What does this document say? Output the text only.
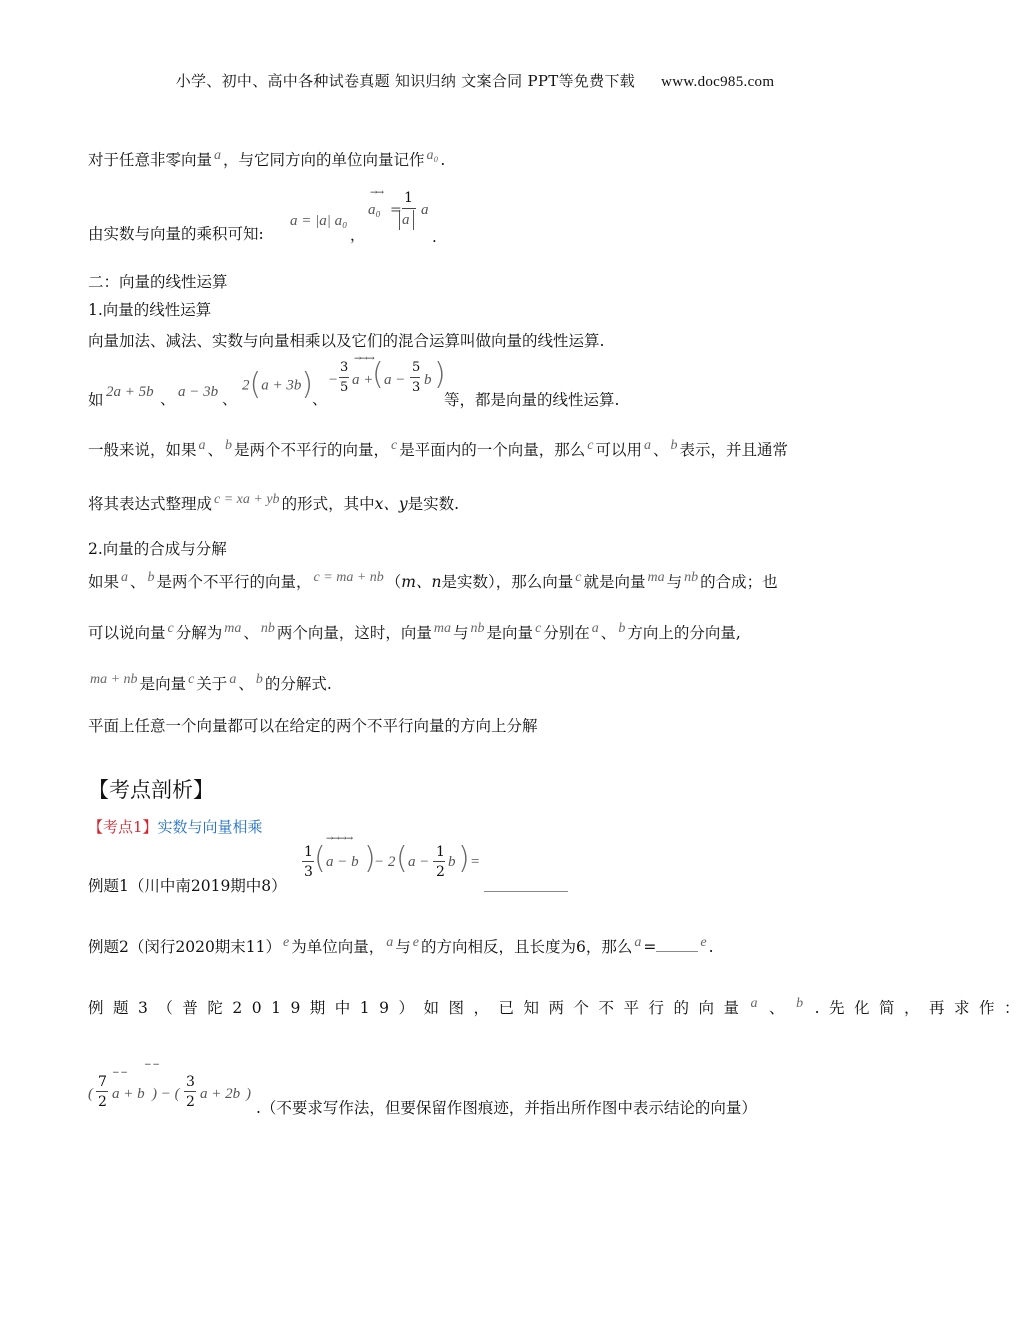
小学、初中、高中各种试卷真题 知识归纳 文案合同 PPT等免费下载 www.doc985.com
对于任意非零向量 a ，与它同方向的单位向量记作 a₀ .
由实数与向量的乘积可知:
a = |a| a₀
，
→→
a₀ =
1
a
a
.
二：向量的线性运算
1.向量的线性运算
向量加法、减法、实数与向量相乘以及它们的混合运算叫做向量的线性运算.
如 2a + 5b 、 a − 3b 、
2(a + 3b)
、
→→→
−
3
5 a +
( a −
5
3 b )
等，都是向量的线性运算.
一般来说，如果 a 、 b 是两个不平行的向量， c 是平面内的一个向量，那么 c 可以用 a 、 b 表示，并且通常
将其表达式整理成 c = xa + yb 的形式，其中x、y是实数.
2.向量的合成与分解
如果 a 、 b 是两个不平行的向量， c = ma + nb （m、n是实数），那么向量 c 就是向量 ma 与 nb 的合成；也
可以说向量 c 分解为 ma 、 nb 两个向量，这时，向量 ma 与 nb 是向量 c 分别在 a 、 b 方向上的分向量,
ma + nb 是向量 c 关于 a 、 b 的分解式.
平面上任意一个向量都可以在给定的两个不平行向量的方向上分解
【考点剖析】
【考点1】实数与向量相乘
例题1（川中南2019期中8）
→→→→
1
3 ( a − b )
− 2 ( a −
1
2
b ) =
例题2（闵行2020期末11） e 为单位向量， a 与 e 的方向相反，且长度为6，那么 a =	e .
例题3（普陀2019期中19）如图，已知两个不平行的向量 a 、 b .先化简，再求作：
− −
− −
(
7
2 a + b ) − (
3
2 a + 2b )
.（不要求写作法，但要保留作图痕迹，并指出所作图中表示结论的向量）
